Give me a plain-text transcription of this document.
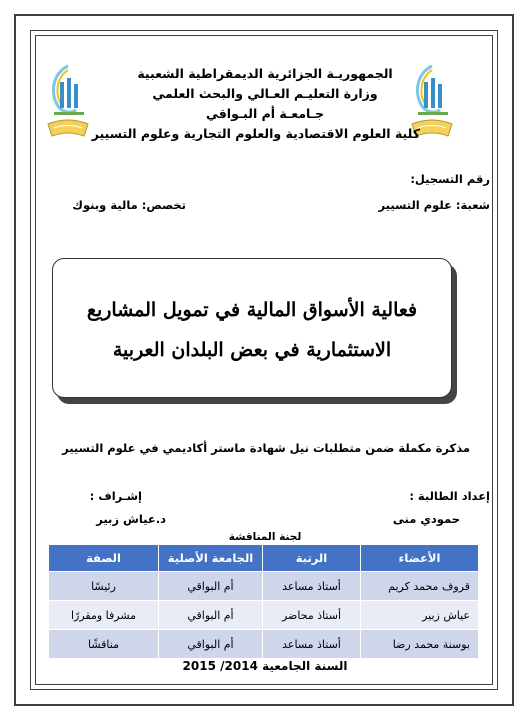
الجمهوريـة الجزائرية الديمقراطية الشعبية
وزارة التعليـم العـالي والبحث العلمي
جـامعـة أم البـواقي
كلية العلوم الاقتصادية والعلوم التجارية وعلوم التسيير
رقم التسجيل:
شعبة: علوم التسيير
تخصص: مالية وبنوك
فعالية الأسواق المالية في تمويل المشاريع
الاستثمارية في بعض البلدان العربية
مذكرة مكملة ضمن متطلبات نيل شهادة ماستر أكاديمي في علوم التسيير
إعداد الطالبة :
حمودي منى
إشـراف :
د.عياش زبير
لجنة المناقشة
الأعضاء	الرتبة	الجامعة الأصلية	الصفة
قروف محمد كريم	أستاذ مساعد	أم البواقي	رئيسًا
عياش زبير	أستاذ محاضر	أم البواقي	مشرفا ومقررًا
بوسنة محمد رضا	أستاذ مساعد	أم البواقي	مناقشًا
السنة الجامعية 2014/ 2015
